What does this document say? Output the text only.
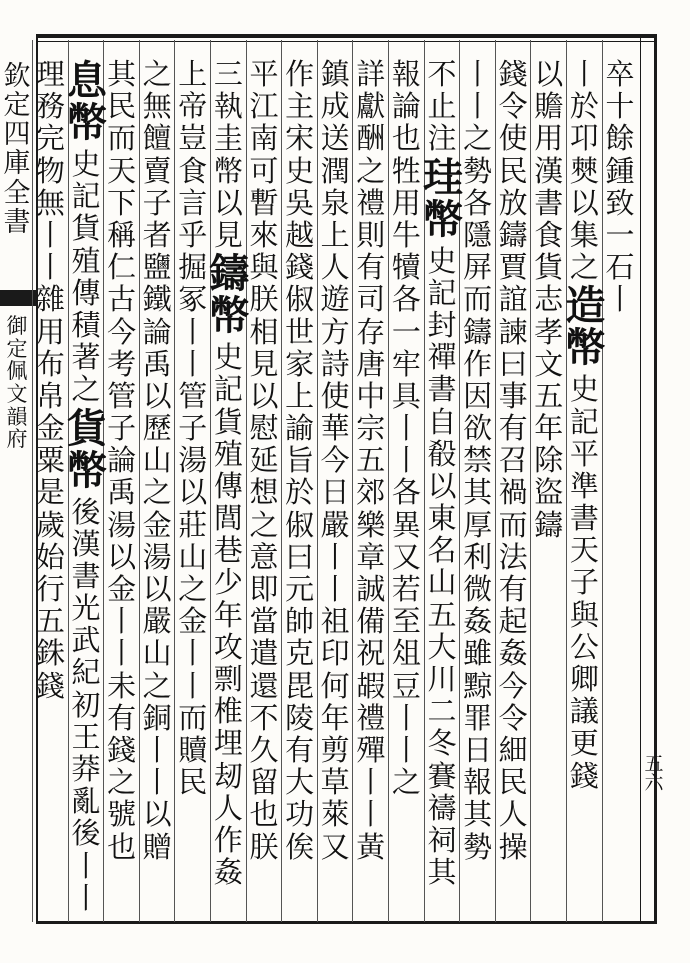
欽定四庫全書
御定佩文韻府
五六
卒
十
餘
鍾
致
一
石
丨
丨
於
卭
僰
以
集
之
造
幣
史
記
平
準
書
天
子
與
公
卿
議
更
錢
以
贍
用
漢
書
食
貨
志
孝
文
五
年
除
盜
鑄
錢
令
使
民
放
鑄
賈
誼
諫
曰
事
有
召
禍
而
法
有
起
姦
今
令
細
民
人
操
丨
丨
之
勢
各
隱
屏
而
鑄
作
因
欲
禁
其
厚
利
微
姦
雖
黥
罪
日
報
其
勢
不
止
注
珪
幣
史
記
封
禪
書
自
殽
以
東
名
山
五
大
川
二
冬
賽
禱
祠
其
報
論
也
牲
用
牛
犢
各
一
牢
具
丨
丨
各
異
又
若
至
俎
豆
丨
丨
之
詳
獻
酬
之
禮
則
有
司
存
唐
中
宗
五
郊
樂
章
誠
備
祝
嘏
禮
殫
丨
丨
黃
鎮
成
送
潤
泉
上
人
遊
方
詩
使
華
今
日
嚴
丨
丨
祖
印
何
年
剪
草
萊
又
作
主
宋
史
吳
越
錢
俶
世
家
上
諭
旨
於
俶
曰
元
帥
克
毘
陵
有
大
功
俟
平
江
南
可
暫
來
與
朕
相
見
以
慰
延
想
之
意
即
當
遣
還
不
久
留
也
朕
三
執
圭
幣
以
見
鑄
幣
史
記
貨
殖
傳
閭
巷
少
年
攻
剽
椎
埋
刼
人
作
姦
上
帝
豈
食
言
乎
掘
冢
丨
丨
管
子
湯
以
莊
山
之
金
丨
丨
而
贖
民
之
無
饘
賣
子
者
鹽
鐵
論
禹
以
歷
山
之
金
湯
以
嚴
山
之
銅
丨
丨
以
贈
其
民
而
天
下
稱
仁
古
今
考
管
子
論
禹
湯
以
金
丨
丨
未
有
錢
之
號
也
息
幣
史
記
貨
殖
傳
積
著
之
貨
幣
後
漢
書
光
武
紀
初
王
莽
亂
後
丨
丨
理
務
完
物
無
丨
丨
雜
用
布
帛
金
粟
是
歲
始
行
五
銖
錢
